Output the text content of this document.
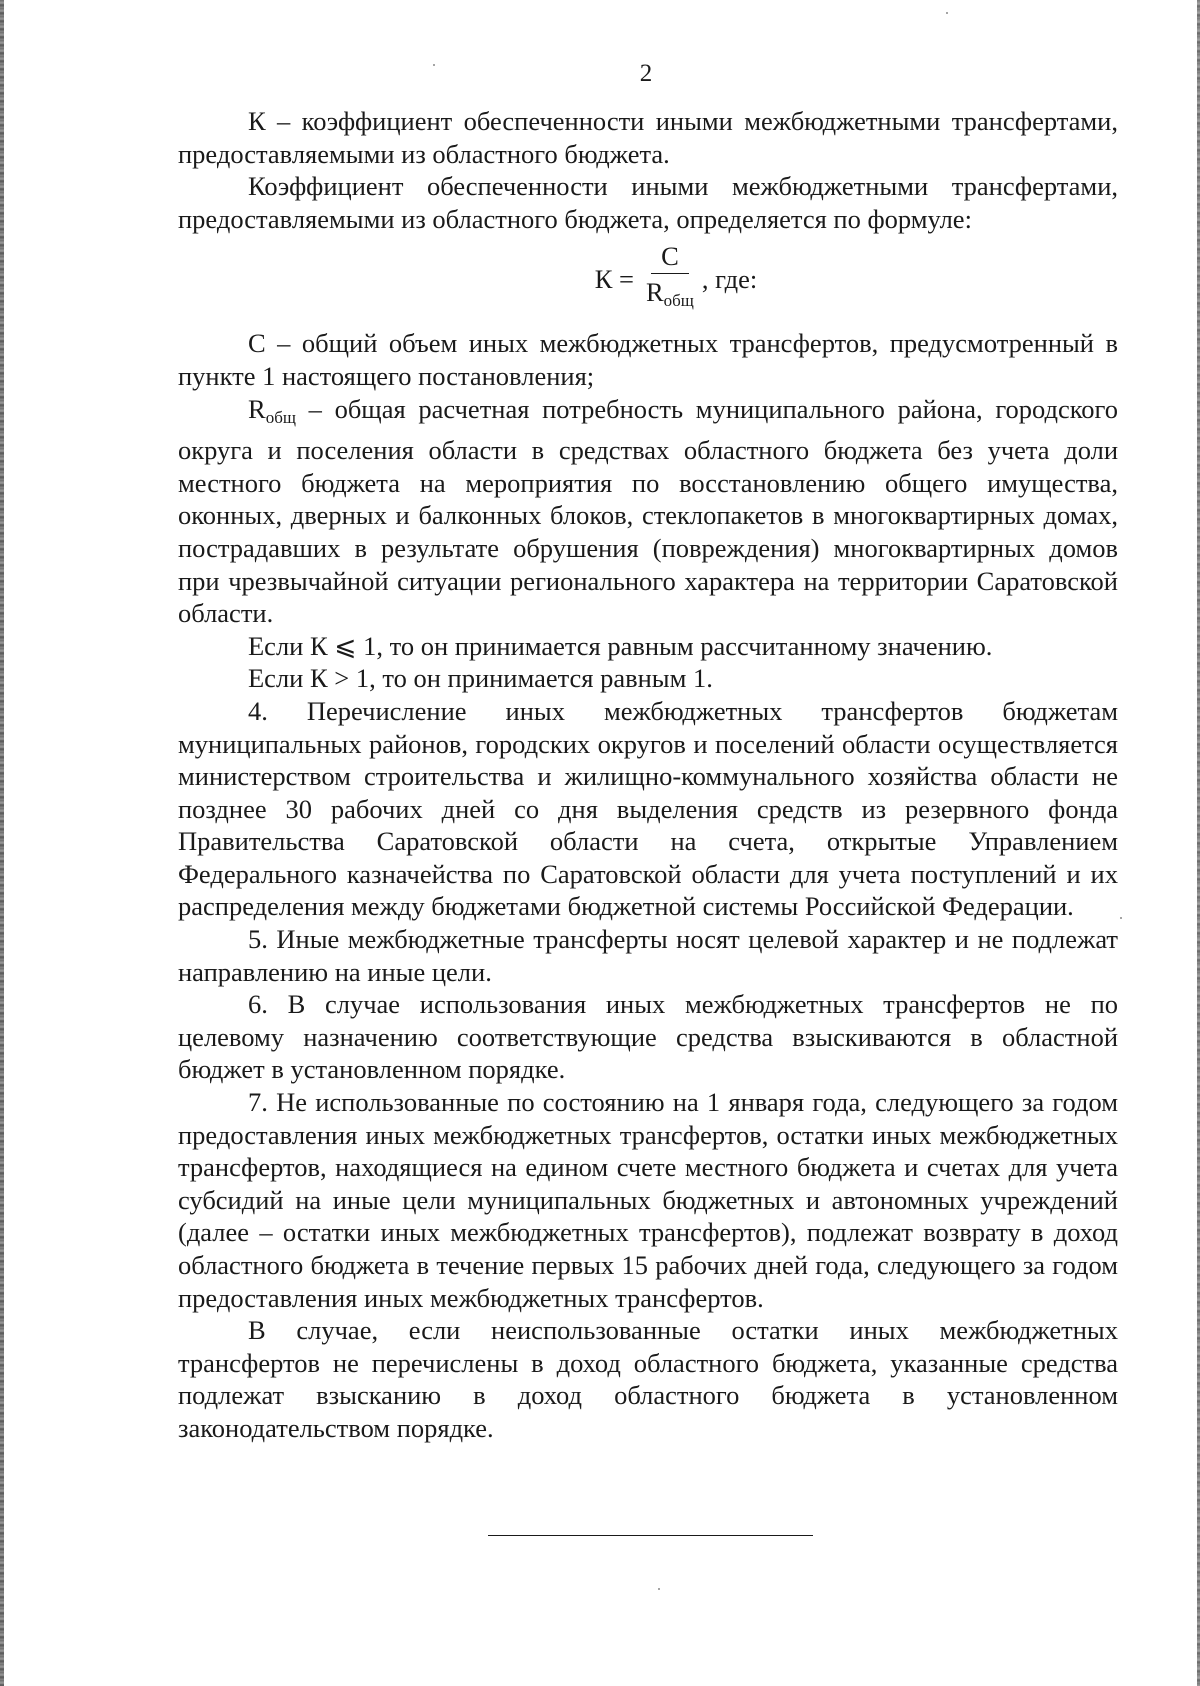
2

К – коэффициент обеспеченности иными межбюджетными трансфертами, предоставляемыми из областного бюджета.

Коэффициент обеспеченности иными межбюджетными трансфертами, предоставляемыми из областного бюджета, определяется по формуле:

$К = \frac{С}{R_{общ}}$ , где:

С – общий объем иных межбюджетных трансфертов, предусмотренный в пункте 1 настоящего постановления;

$R_{общ}$ – общая расчетная потребность муниципального района, городского округа и поселения области в средствах областного бюджета без учета доли местного бюджета на мероприятия по восстановлению общего имущества, оконных, дверных и балконных блоков, стеклопакетов в многоквартирных домах, пострадавших в результате обрушения (повреждения) многоквартирных домов при чрезвычайной ситуации регионального характера на территории Саратовской области.

Если К ⩽ 1, то он принимается равным рассчитанному значению.

Если К > 1, то он принимается равным 1.

4. Перечисление иных межбюджетных трансфертов бюджетам муниципальных районов, городских округов и поселений области осуществляется министерством строительства и жилищно-коммунального хозяйства области не позднее 30 рабочих дней со дня выделения средств из резервного фонда Правительства Саратовской области на счета, открытые Управлением Федерального казначейства по Саратовской области для учета поступлений и их распределения между бюджетами бюджетной системы Российской Федерации.

5. Иные межбюджетные трансферты носят целевой характер и не подлежат направлению на иные цели.

6. В случае использования иных межбюджетных трансфертов не по целевому назначению соответствующие средства взыскиваются в областной бюджет в установленном порядке.

7. Не использованные по состоянию на 1 января года, следующего за годом предоставления иных межбюджетных трансфертов, остатки иных межбюджетных трансфертов, находящиеся на едином счете местного бюджета и счетах для учета субсидий на иные цели муниципальных бюджетных и автономных учреждений (далее – остатки иных межбюджетных трансфертов), подлежат возврату в доход областного бюджета в течение первых 15 рабочих дней года, следующего за годом предоставления иных межбюджетных трансфертов.

В случае, если неиспользованные остатки иных межбюджетных трансфертов не перечислены в доход областного бюджета, указанные средства подлежат взысканию в доход областного бюджета в установленном законодательством порядке.
